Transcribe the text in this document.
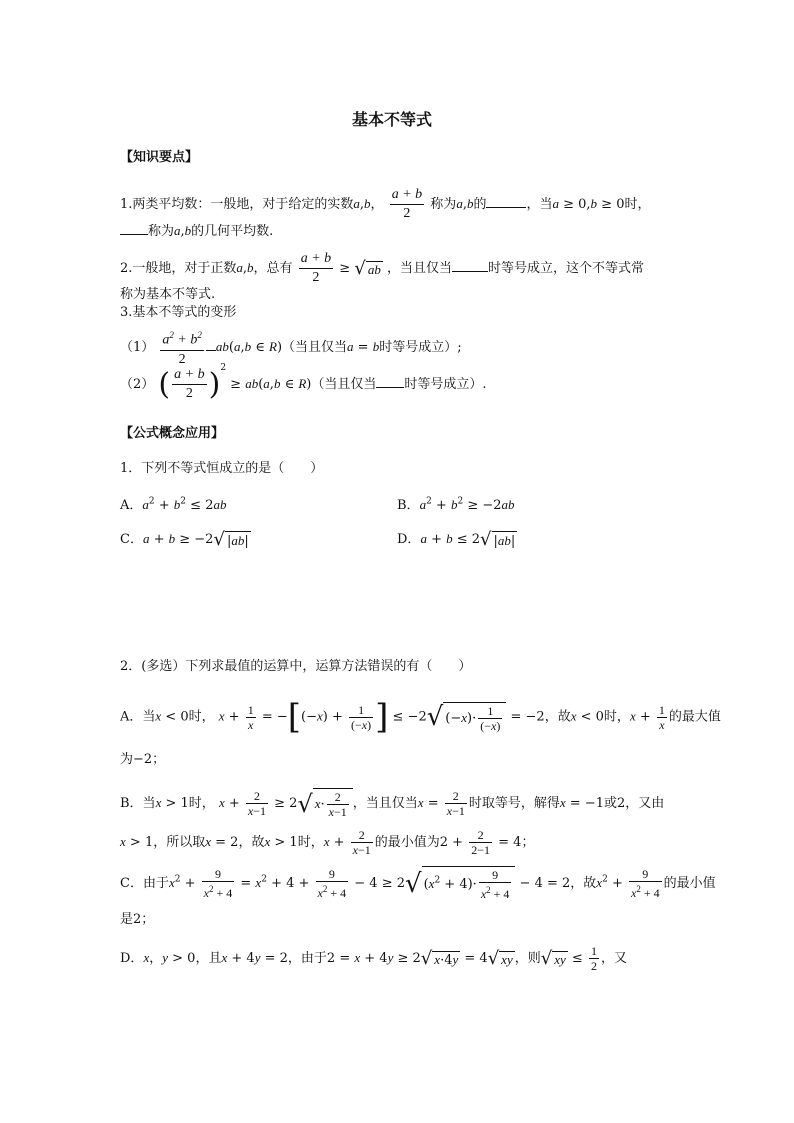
基本不等式
【知识要点】
1.两类平均数：一般地，对于给定的实数a,b， $\frac{a + b}{2}$ 称为a,b的	，当a ≥ 0,b ≥ 0时，
称为a,b的几何平均数.
2.一般地，对于正数a,b，总有 $\frac{a + b}{2}$ ≥ √ ab ，当且仅当	时等号成立，这个不等式常
称为基本不等式.
3.基本不等式的变形
$(1) \frac{a^2 + b^2}{2} ab(a,b$ ∈ R)（当且仅当a = b时等号成立）;
（2） ( $\frac{a + b}{2} )^2 \ge ab(a,b$ ∈ R)（当且仅当 时等号成立）.
【公式概念应用】
1．下列不等式恒成立的是（　　）
A．$a^2 + b^2 \le 2ab$	B．$a^2 + b^2 \ge -2ab$
C．a + b ≥ −2√ |ab|	D．a + b ≤ 2√ |ab|
2．(多选）下列求最值的运算中，运算方法错误的有（　　）
A．当x < 0时， $x + \frac{1}{x} = -[(-x) + \frac{1}{(-x)}$ ] ≤ −2√ $(-x)\cdot \frac{1}{(-x)} = -2$，故x < 0时，$x + \frac{1}{x}$ 的最大值
为−2；
B．当x > 1时， $x + \frac{2}{x-1} \ge 2√$ $x\cdot \frac{2}{x-1}$ ，当且仅当$x = \frac{2}{x-1}$ 时取等号，解得x = −1或2，又由
x > 1，所以取x = 2，故x > 1时，$x + \frac{2}{x-1}$ 的最小值为$2 + \frac{2}{2-1} = 4$；
C．由于$x^2 + \frac{9}{x^2 + 4} = x^2 + 4 + \frac{9}{x^2 + 4} - 4 \ge 2√$ $(x^2 + 4)\cdot \frac{9}{x^2 + 4} - 4 = 2$，故$x^2 + \frac{9}{x^2 + 4}$ 的最小值
是2；
D．x，y > 0，且x + 4y = 2，由于2 = x + 4y ≥ 2√ x·4y = 4√ xy ，则√ xy ≤ $\frac{1}{2}$ ，又
